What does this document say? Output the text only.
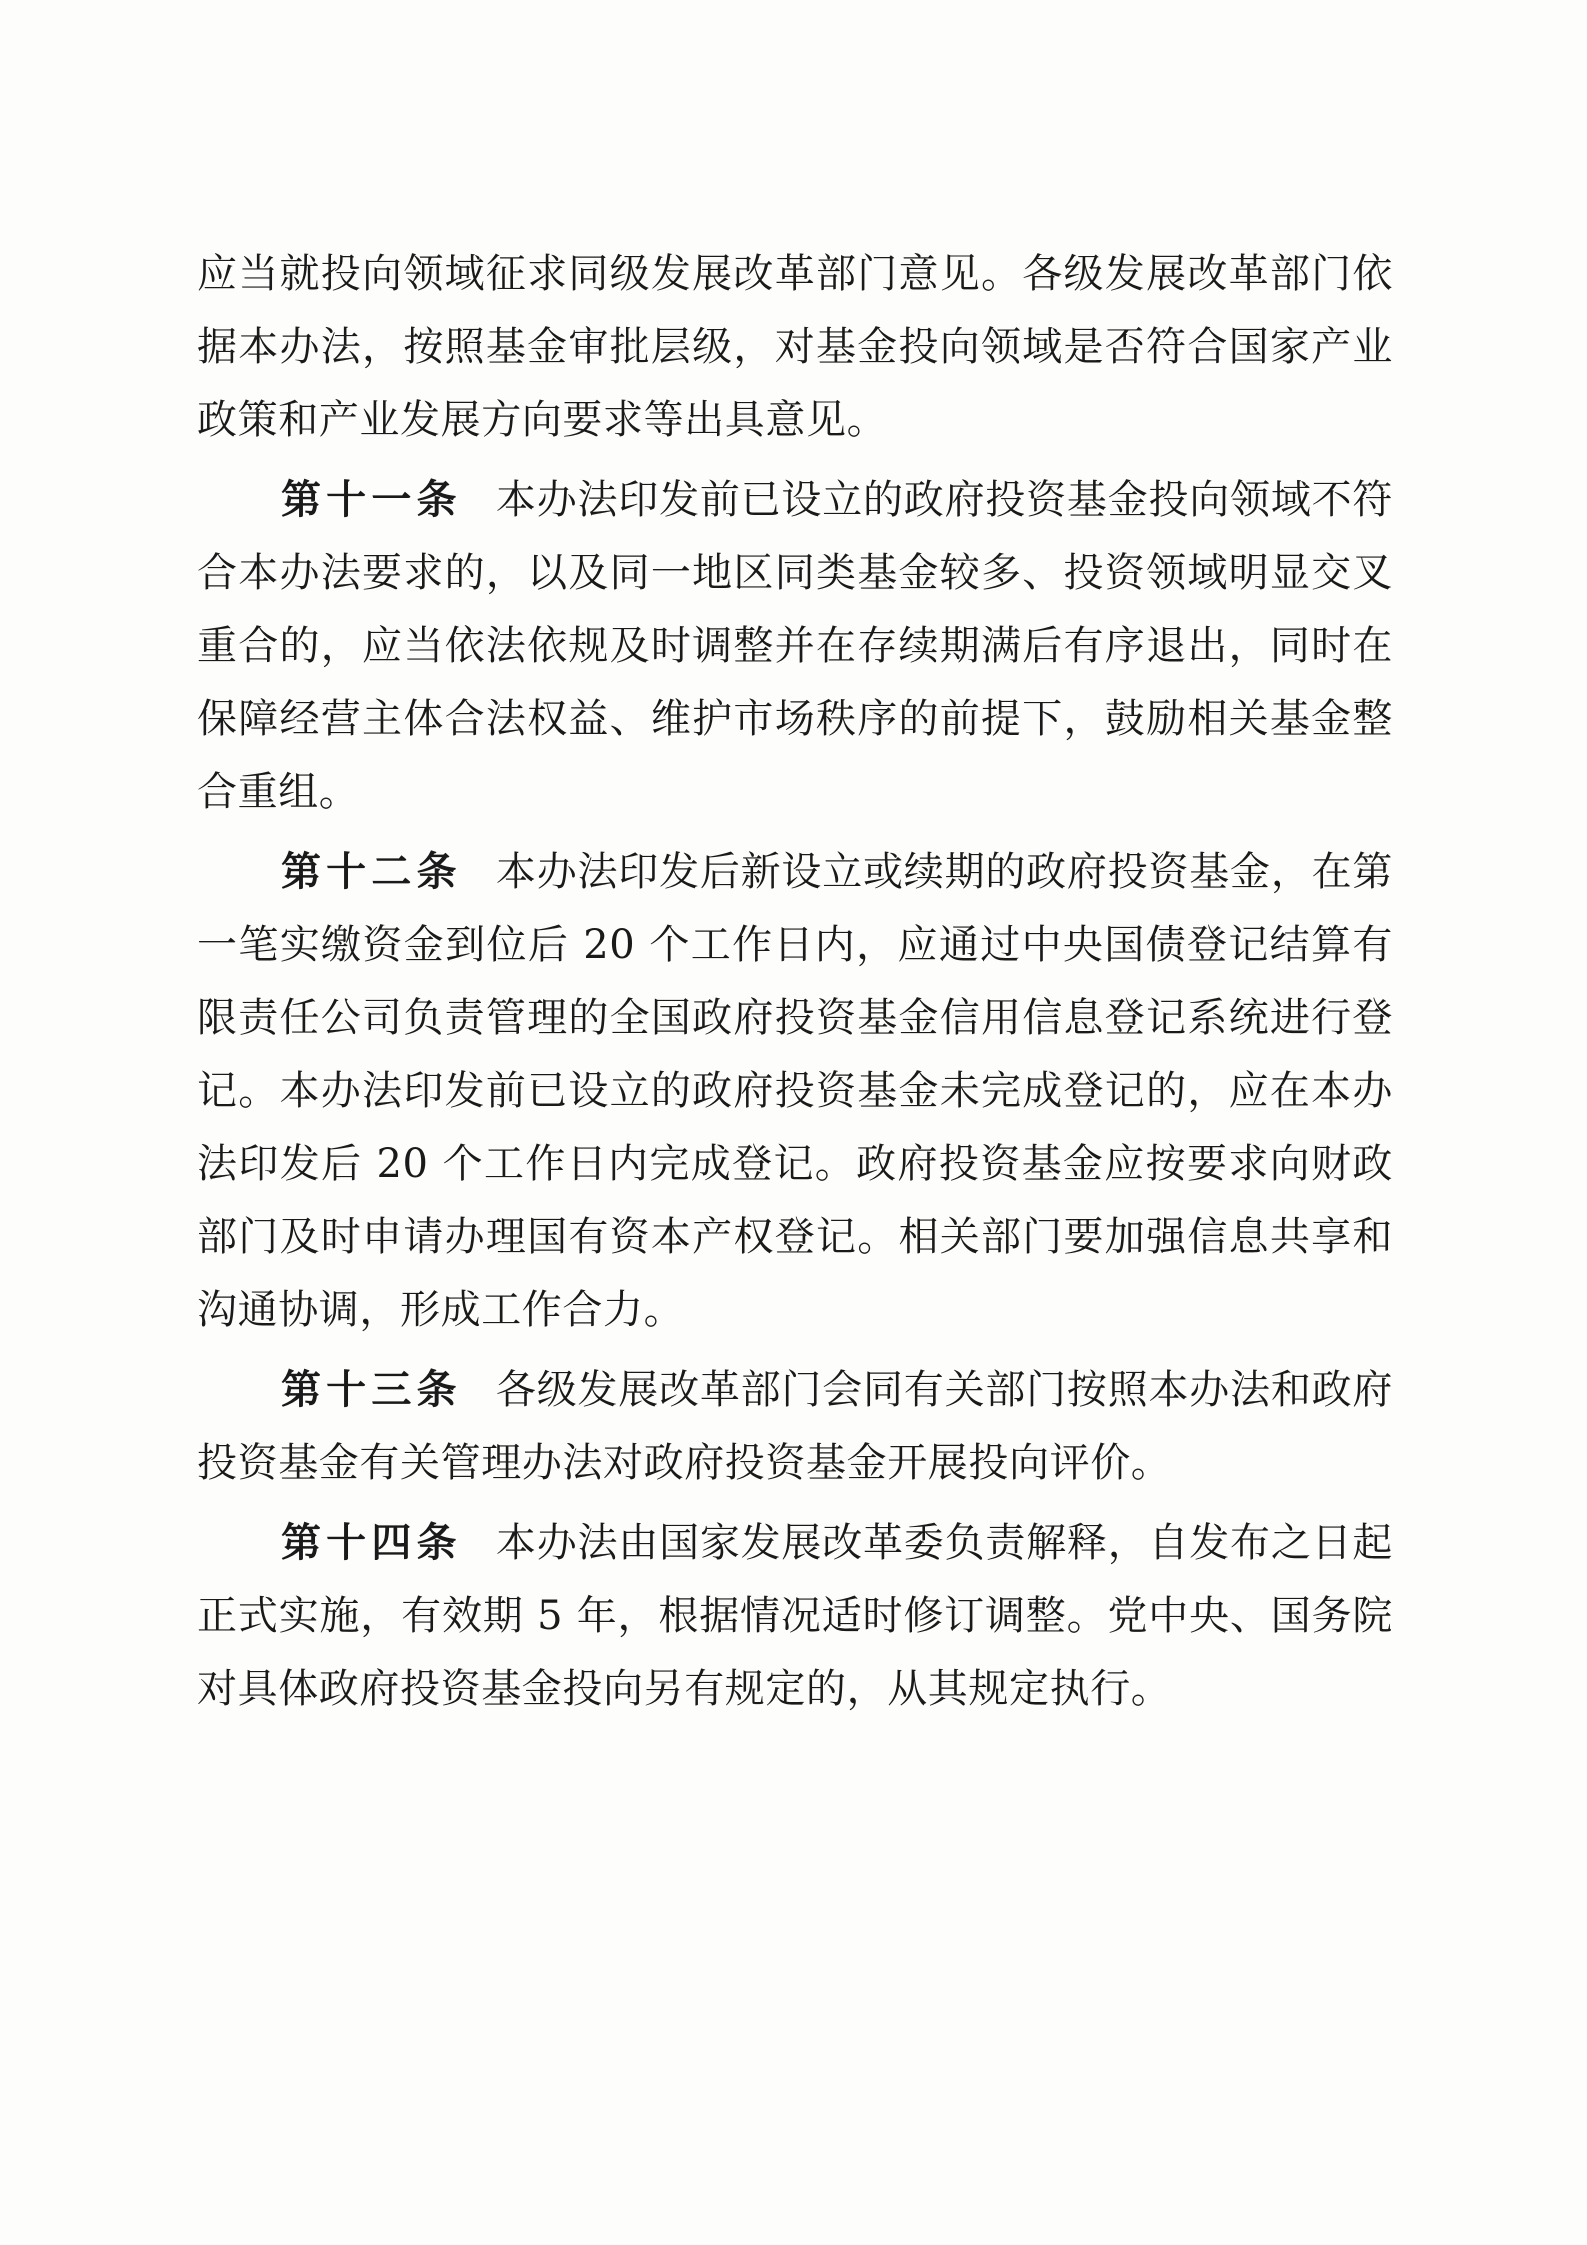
应当就投向领域征求同级发展改革部门意见。各级发展改革部门依据本办法，按照基金审批层级，对基金投向领域是否符合国家产业政策和产业发展方向要求等出具意见。

第十一条 本办法印发前已设立的政府投资基金投向领域不符合本办法要求的，以及同一地区同类基金较多、投资领域明显交叉重合的，应当依法依规及时调整并在存续期满后有序退出，同时在保障经营主体合法权益、维护市场秩序的前提下，鼓励相关基金整合重组。

第十二条 本办法印发后新设立或续期的政府投资基金，在第一笔实缴资金到位后 20 个工作日内，应通过中央国债登记结算有限责任公司负责管理的全国政府投资基金信用信息登记系统进行登记。本办法印发前已设立的政府投资基金未完成登记的，应在本办法印发后 20 个工作日内完成登记。政府投资基金应按要求向财政部门及时申请办理国有资本产权登记。相关部门要加强信息共享和沟通协调，形成工作合力。

第十三条 各级发展改革部门会同有关部门按照本办法和政府投资基金有关管理办法对政府投资基金开展投向评价。

第十四条 本办法由国家发展改革委负责解释，自发布之日起正式实施，有效期 5 年，根据情况适时修订调整。党中央、国务院对具体政府投资基金投向另有规定的，从其规定执行。
